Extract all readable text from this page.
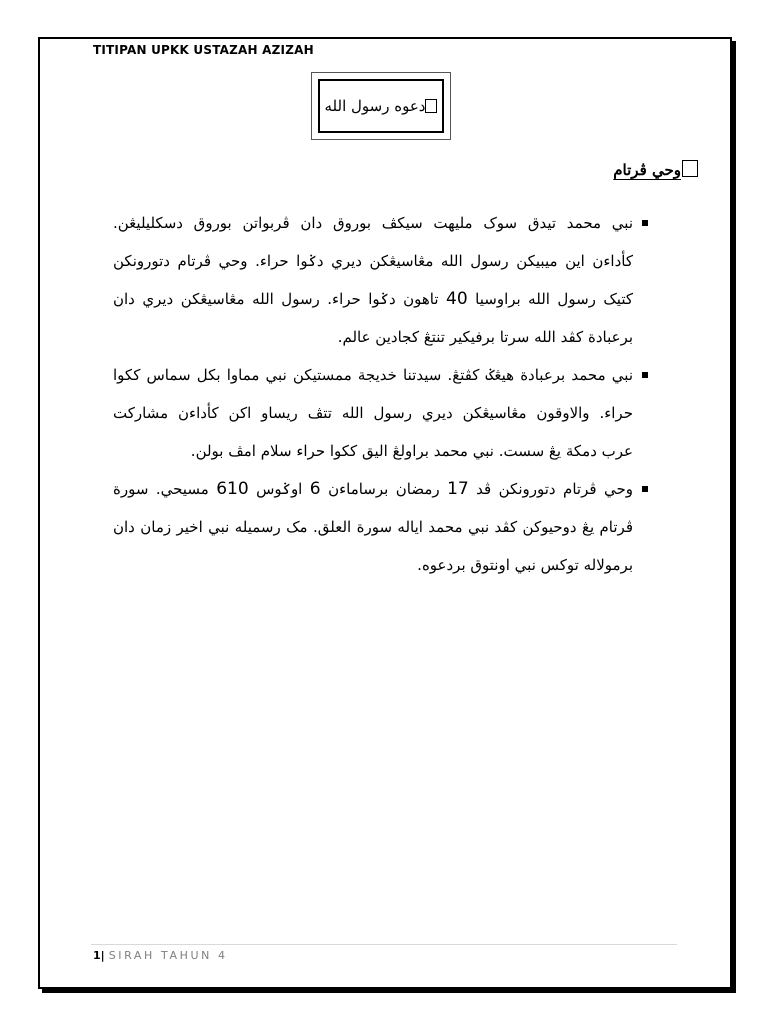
TITIPAN UPKK USTAZAH AZIZAH
دعوه رسول الله
وحي ڤرتام
نبي محمد تيدق سوک ملیهت سیکڤ بوروق دان ڤربواتن بوروق دسکليليڠن.
كأداءن اين ميبيكن رسول الله مڠاسيڠكن ديري دݢوا حراء. وحي ڤرتام دتورونكن
كتيک رسول الله براوسيا 40 تاهون دݢوا حراء. رسول الله مڠاسيڠكن ديري دان
برعبادة كڤد الله سرتا برفيكير تنتڠ كجادين عالم.
نبي محمد برعبادة هيڠݢ كڤتڠ. سيدتنا خديجة ممستيكن نبي مماوا بكل سماس ککوا
حراء. والاوقون مڠاسيڠكن ديري رسول الله تتڤ ريساو اكن كأداءن مشاركت
عرب دمكة يڠ سست. نبي محمد براولڠ اليق ککوا حراء سلام امڤ بولن.
وحي ڤرتام دتورونكن ڤد 17 رمضان برساماءن 6 اوݢوس 610 مسيحي. سورة
ڤرتام يڠ دوحيوكن كڤد نبي محمد اياله سورة العلق. مک رسميله نبي اخير زمان دان
برمولاله توكس نبي اونتوق بردعوه.
1| SIRAH TAHUN 4
